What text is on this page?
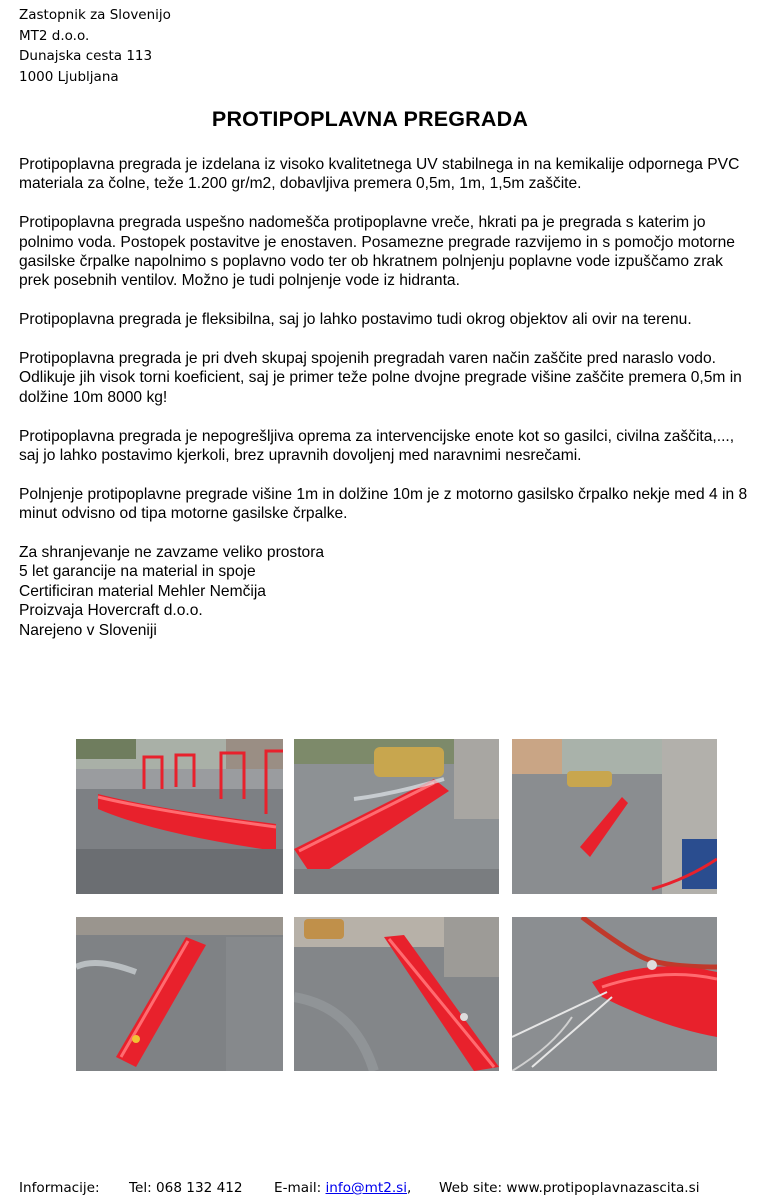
Zastopnik za Slovenijo
MT2 d.o.o.
Dunajska cesta 113
1000 Ljubljana
PROTIPOPLAVNA PREGRADA

Protipoplavna pregrada je izdelana iz visoko kvalitetnega UV stabilnega in na kemikalije odpornega PVC materiala za čolne, teže 1.200 gr/m2, dobavljiva premera 0,5m, 1m, 1,5m zaščite.

Protipoplavna pregrada uspešno nadomešča protipoplavne vreče, hkrati pa je pregrada s katerim jo polnimo voda. Postopek postavitve je enostaven. Posamezne pregrade razvijemo in s pomočjo motorne gasilske črpalke napolnimo s poplavno vodo ter ob hkratnem polnjenju poplavne vode izpuščamo zrak prek posebnih ventilov. Možno je tudi polnjenje vode iz hidranta.

Protipoplavna pregrada je fleksibilna, saj jo lahko postavimo tudi okrog objektov ali ovir na terenu.

Protipoplavna pregrada je pri dveh skupaj spojenih pregradah varen način zaščite pred naraslo vodo. Odlikuje jih visok torni koeficient, saj je primer teže polne dvojne pregrade višine zaščite premera 0,5m in dolžine 10m 8000 kg!

Protipoplavna pregrada je nepogrešljiva oprema za intervencijske enote kot so gasilci, civilna zaščita,..., saj jo lahko postavimo kjerkoli, brez upravnih dovoljenj med naravnimi nesrečami.

Polnjenje protipoplavne pregrade višine 1m in dolžine 10m je z motorno gasilsko črpalko nekje med 4 in 8 minut odvisno od tipa motorne gasilske črpalke.

Za shranjevanje ne zavzame veliko prostora
5 let garancije na material in spoje
Certificiran material Mehler Nemčija
Proizvaja Hovercraft d.o.o.
Narejeno v Sloveniji
Informacije: Tel: 068 132 412 E-mail: info@mt2.si, Web site: www.protipoplavnazascita.si
